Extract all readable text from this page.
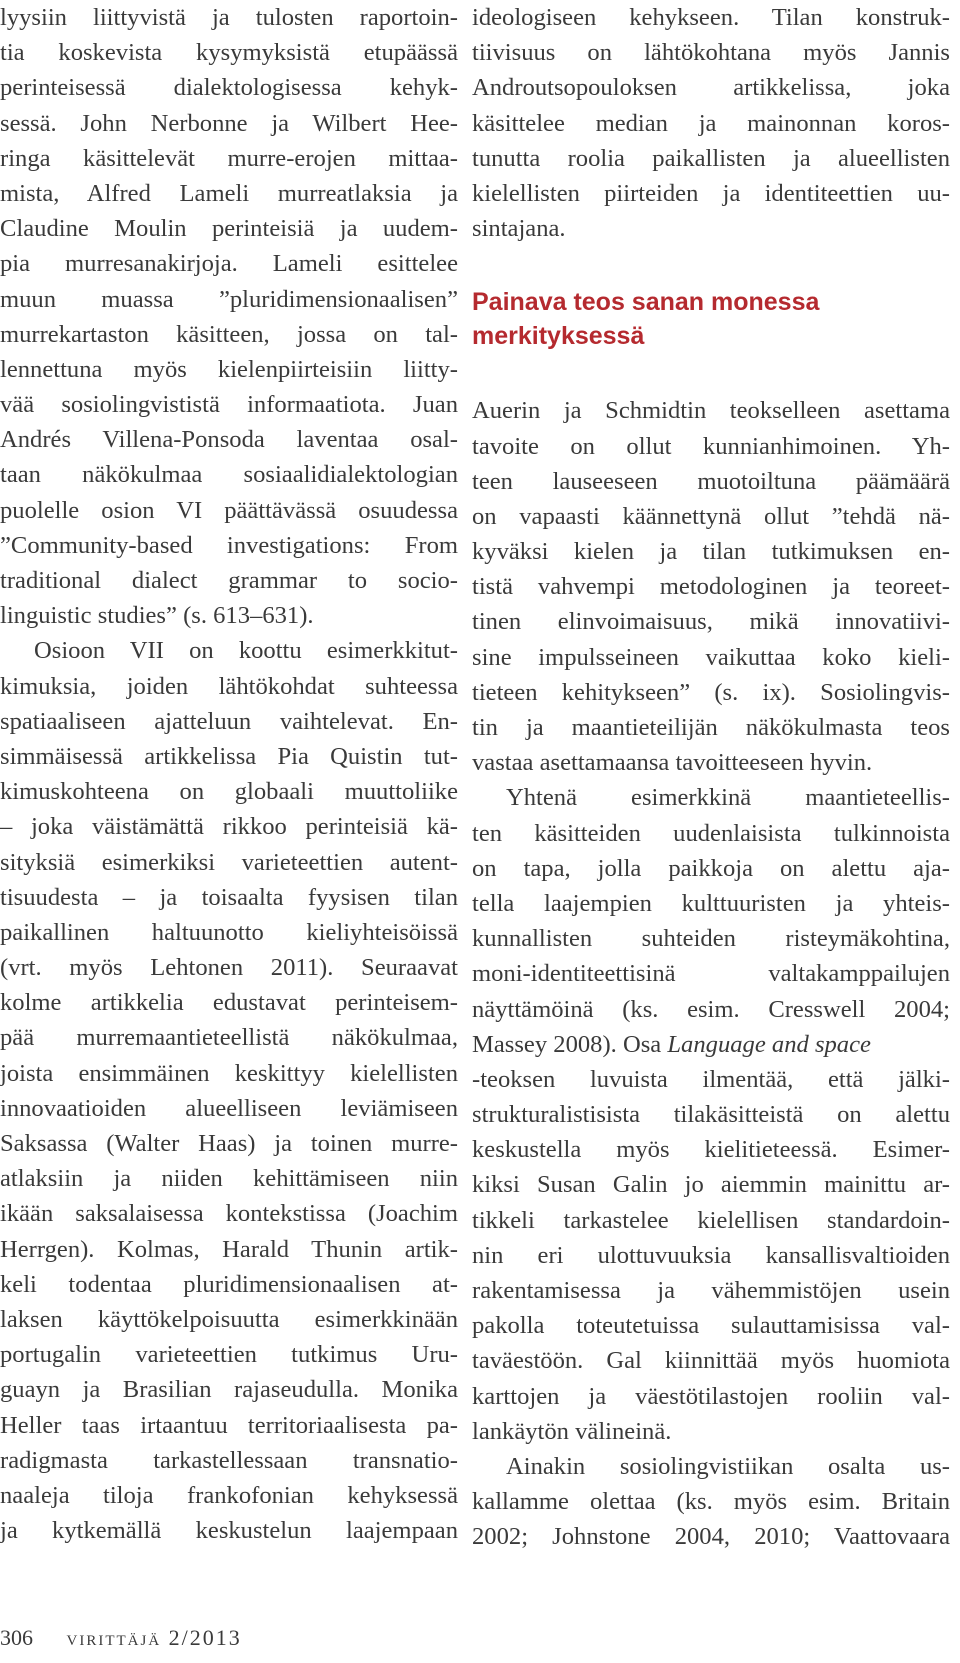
lyysiin liittyvistä ja tulosten raportoin-
tia koskevista kysymyksistä etupäässä
perinteisessä dialektologisessa kehyk-
sessä. John Nerbonne ja Wilbert Hee-
ringa käsittelevät murre-erojen mittaa-
mista, Alfred Lameli murreatlaksia ja
Claudine Moulin perinteisiä ja uudem-
pia murresanakirjoja. Lameli esittelee
muun muassa ”pluridimensionaalisen”
murrekartaston käsitteen, jossa on tal-
lennettuna myös kielenpiirteisiin liitty-
vää sosiolingvististä informaatiota. Juan
Andrés Villena-Ponsoda laventaa osal-
taan näkökulmaa sosiaalidialektologian
puolelle osion VI päättävässä osuudessa
”Community-based investigations: From
traditional dialect grammar to socio-
linguistic studies” (s. 613–631).
Osioon VII on koottu esimerkkitut-
kimuksia, joiden lähtökohdat suhteessa
spatiaaliseen ajatteluun vaihtelevat. En-
simmäisessä artikkelissa Pia Quistin tut-
kimuskohteena on globaali muuttoliike
– joka väistämättä rikkoo perinteisiä kä-
sityksiä esimerkiksi varieteettien autent-
tisuudesta – ja toisaalta fyysisen tilan
paikallinen haltuunotto kieliyhteisöissä
(vrt. myös Lehtonen 2011). Seuraavat
kolme artikkelia edustavat perinteisem-
pää murremaantieteellistä näkökulmaa,
joista ensimmäinen keskittyy kielellisten
innovaatioiden alueelliseen leviämiseen
Saksassa (Walter Haas) ja toinen murre-
atlaksiin ja niiden kehittämiseen niin
ikään saksalaisessa kontekstissa (Joachim
Herrgen). Kolmas, Harald Thunin artik-
keli todentaa pluridimensionaalisen at-
laksen käyttökelpoisuutta esimerkkinään
portugalin varieteettien tutkimus Uru-
guayn ja Brasilian rajaseudulla. Monika
Heller taas irtaantuu territoriaalisesta pa-
radigmasta tarkastellessaan transnatio-
naaleja tiloja frankofonian kehyksessä
ja kytkemällä keskustelun laajempaan
ideologiseen kehykseen. Tilan konstruk-
tiivisuus on lähtökohtana myös Jannis
Androutsopouloksen artikkelissa, joka
käsittelee median ja mainonnan koros-
tunutta roolia paikallisten ja alueellisten
kielellisten piirteiden ja identiteettien uu-
sintajana.
Painava teos sanan monessa
merkityksessä
Auerin ja Schmidtin teokselleen asettama
tavoite on ollut kunnianhimoinen. Yh-
teen lauseeseen muotoiltuna päämäärä
on vapaasti käännettynä ollut ”tehdä nä-
kyväksi kielen ja tilan tutkimuksen en-
tistä vahvempi metodologinen ja teoreet-
tinen elinvoimaisuus, mikä innovatiivi-
sine impulsseineen vaikuttaa koko kieli-
tieteen kehitykseen” (s. ix). Sosiolingvis-
tin ja maantieteilijän näkökulmasta teos
vastaa asettamaansa tavoitteeseen hyvin.
Yhtenä esimerkkinä maantieteellis-
ten käsitteiden uudenlaisista tulkinnoista
on tapa, jolla paikkoja on alettu aja-
tella laajempien kulttuuristen ja yhteis-
kunnallisten suhteiden risteymäkohtina,
moni-identiteettisinä valtakamppailujen
näyttämöinä (ks. esim. Cresswell 2004;
Massey 2008). Osa Language and space
-teoksen luvuista ilmentää, että jälki-
strukturalistisista tilakäsitteistä on alettu
keskustella myös kielitieteessä. Esimer-
kiksi Susan Galin jo aiemmin mainittu ar-
tikkeli tarkastelee kielellisen standardoin-
nin eri ulottuvuuksia kansallisvaltioiden
rakentamisessa ja vähemmistöjen usein
pakolla toteutetuissa sulauttamisissa val-
taväestöön. Gal kiinnittää myös huomiota
karttojen ja väestötilastojen rooliin val-
lankäytön välineinä.
Ainakin sosiolingvistiikan osalta us-
kallamme olettaa (ks. myös esim. Britain
2002; Johnstone 2004, 2010; Vaattovaara
306 virittäjä 2/2013
